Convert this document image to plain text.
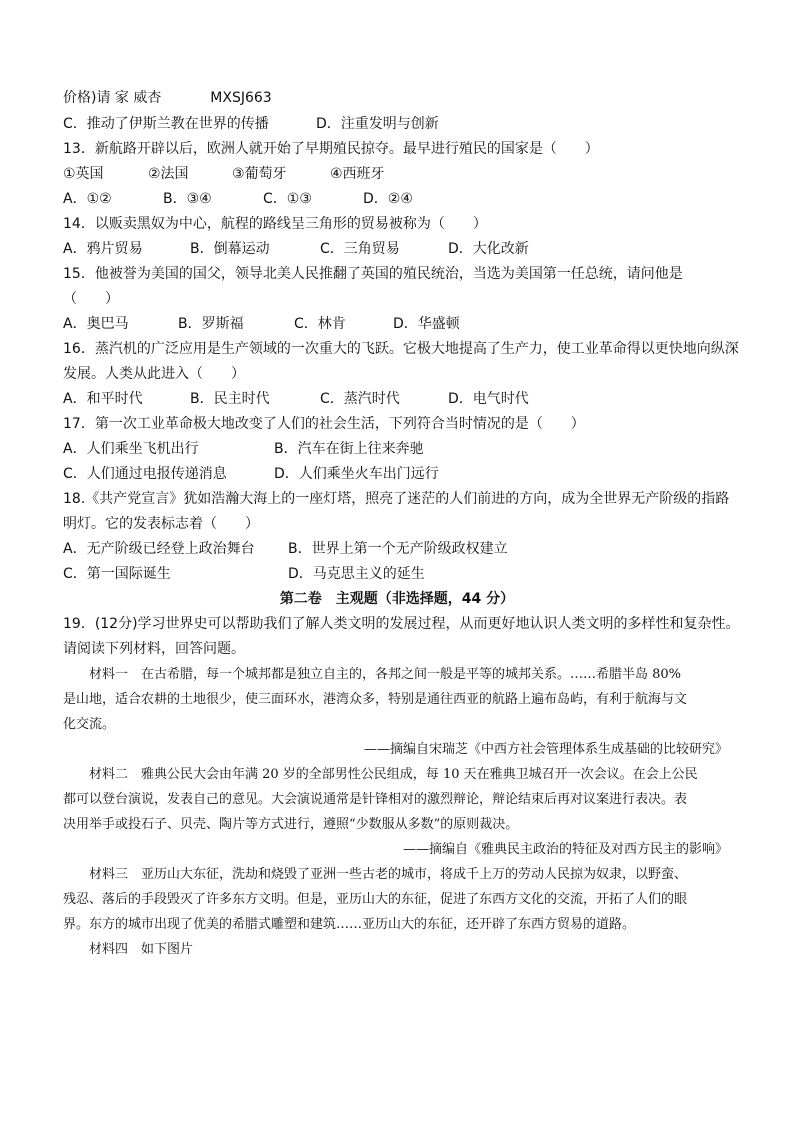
价格)请 家 威杏	MXSJ663
C．推动了伊斯兰教在世界的传播	D．注重发明与创新
13．新航路开辟以后，欧洲人就开始了早期殖民掠夺。最早进行殖民的国家是（　　）
①英国	②法国	③葡萄牙	④西班牙
A．①②	B．③④	C．①③	D．②④
14．以贩卖黑奴为中心，航程的路线呈三角形的贸易被称为（　　）
A．鸦片贸易	B．倒幕运动	C．三角贸易	D．大化改新
15．他被誉为美国的国父，领导北美人民推翻了英国的殖民统治，当选为美国第一任总统，请问他是
（　　）
A．奥巴马	B．罗斯福	C．林肯	D．华盛顿
16．蒸汽机的广泛应用是生产领域的一次重大的飞跃。它极大地提高了生产力，使工业革命得以更快地向纵深
发展。人类从此进入（　　）
A．和平时代	B．民主时代	C．蒸汽时代	D．电气时代
17．第一次工业革命极大地改变了人们的社会生活，下列符合当时情况的是（　　）
A．人们乘坐飞机出行	B．汽车在街上往来奔驰
C．人们通过电报传递消息	D．人们乘坐火车出门远行
18.《共产党宣言》犹如浩瀚大海上的一座灯塔，照亮了迷茫的人们前进的方向，成为全世界无产阶级的指路
明灯。它的发表标志着（　　）
A．无产阶级已经登上政治舞台 B．世界上第一个无产阶级政权建立
C．第一国际诞生	D．马克思主义的延生
第二卷　主观题（非选择题，44 分）
19．(12分)学习世界史可以帮助我们了解人类文明的发展过程，从而更好地认识人类文明的多样性和复杂性。
请阅读下列材料，回答问题。
　　材料一　在古希腊，每一个城邦都是独立自主的，各邦之间一般是平等的城邦关系。……希腊半岛 80%
是山地，适合农耕的土地很少，使三面环水，港湾众多，特别是通往西亚的航路上遍布岛屿，有利于航海与文
化交流。
——摘编自宋瑞芝《中西方社会管理体系生成基础的比较研究》
　　材料二　雅典公民大会由年满 20 岁的全部男性公民组成，每 10 天在雅典卫城召开一次会议。在会上公民
都可以登台演说，发表自己的意见。大会演说通常是针锋相对的激烈辩论，辩论结束后再对议案进行表决。表
决用举手或投石子、贝壳、陶片等方式进行，遵照“少数服从多数”的原则裁决。
——摘编自《雅典民主政治的特征及对西方民主的影响》
　　材料三　亚历山大东征，洗劫和烧毁了亚洲一些古老的城市，将成千上万的劳动人民掠为奴隶，以野蛮、
残忍、落后的手段毁灭了许多东方文明。但是，亚历山大的东征，促进了东西方文化的交流，开拓了人们的眼
界。东方的城市出现了优美的希腊式雕塑和建筑……亚历山大的东征，还开辟了东西方贸易的道路。
　　材料四　如下图片
